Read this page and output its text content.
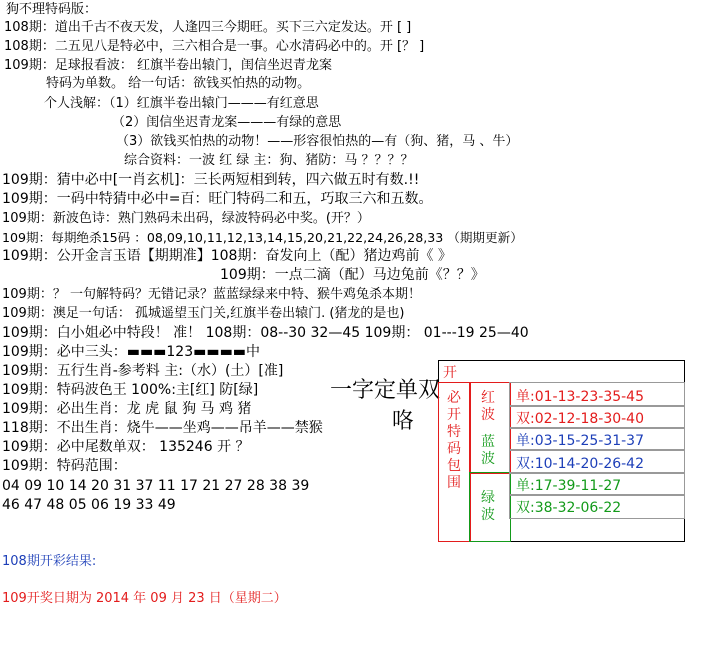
狗不理特码版：
108期：道出千古不夜天发，人逢四三今期旺。买下三六定发达。开 [ ]
108期：二五见八是特必中，三六相合是一事。心水清码必中的。开 [？ ]
109期：足球报看波： 红旗半卷出辕门，闺信坐迟青龙案
特码为单数。 给一句话：欲钱买怕热的动物。
个人浅解：（1）红旗半卷出辕门———有红意思
（2）闺信坐迟青龙案———有绿的意思
（3）欲钱买怕热的动物！——形容很怕热的—有（狗、猪，马 、牛）
综合资料：一波 红 绿 主：狗、猪防：马 ？？？？
109期：猜中必中[一肖玄机]：三长两短相到转，四六做五时有数.!!
109期：一码中特猜中必中=百：旺门特码二和五，巧取三六和五数。
109期：新波色诗：熟门熟码未出码，绿波特码必中奖。(开？）
109期：每期绝杀15码 ：08,09,10,11,12,13,14,15,20,21,22,24,26,28,33 （期期更新）
109期：公开金言玉语【期期准】108期：奋发向上（配）猪边鸡前《 》
109期：一点二滴（配）马边兔前《？？》
109期：？ 一句解特码？无错记录？蓝蓝绿绿来中特、猴牛鸡兔杀本期！
109期：澳足一句话： 孤城遥望玉门关,红旗半卷出辕门. (猪龙的是也)
109期：白小姐必中特段！ 准！ 108期：08--30 32—45 109期： 01---19 25—40
109期：必中三头：▬▬▬123▬▬▬▬中
109期：五行生肖-参考料 主:（水）(土）[准]
109期：特码波色王 100%:主[红] 防[绿]
109期：必出生肖：龙 虎 鼠 狗 马 鸡 猪
118期：不出生肖：烧牛——坐鸡——吊羊——禁猴
109期：必中尾数单双： 135246 开 ？
109期：特码范围：
04 09 10 14 20 31 37 11 17 21 27 28 38 39
46 47 48 05 06 19 33 49
108期开彩结果:
109开奖日期为 2014 年 09 月 23 日（星期二）
一字定单双
咯
开
必
开
特
码
包
围
红
波
蓝
波
绿
波
单:01-13-23-35-45
双:02-12-18-30-40
单:03-15-25-31-37
双:10-14-20-26-42
单:17-39-11-27
双:38-32-06-22
